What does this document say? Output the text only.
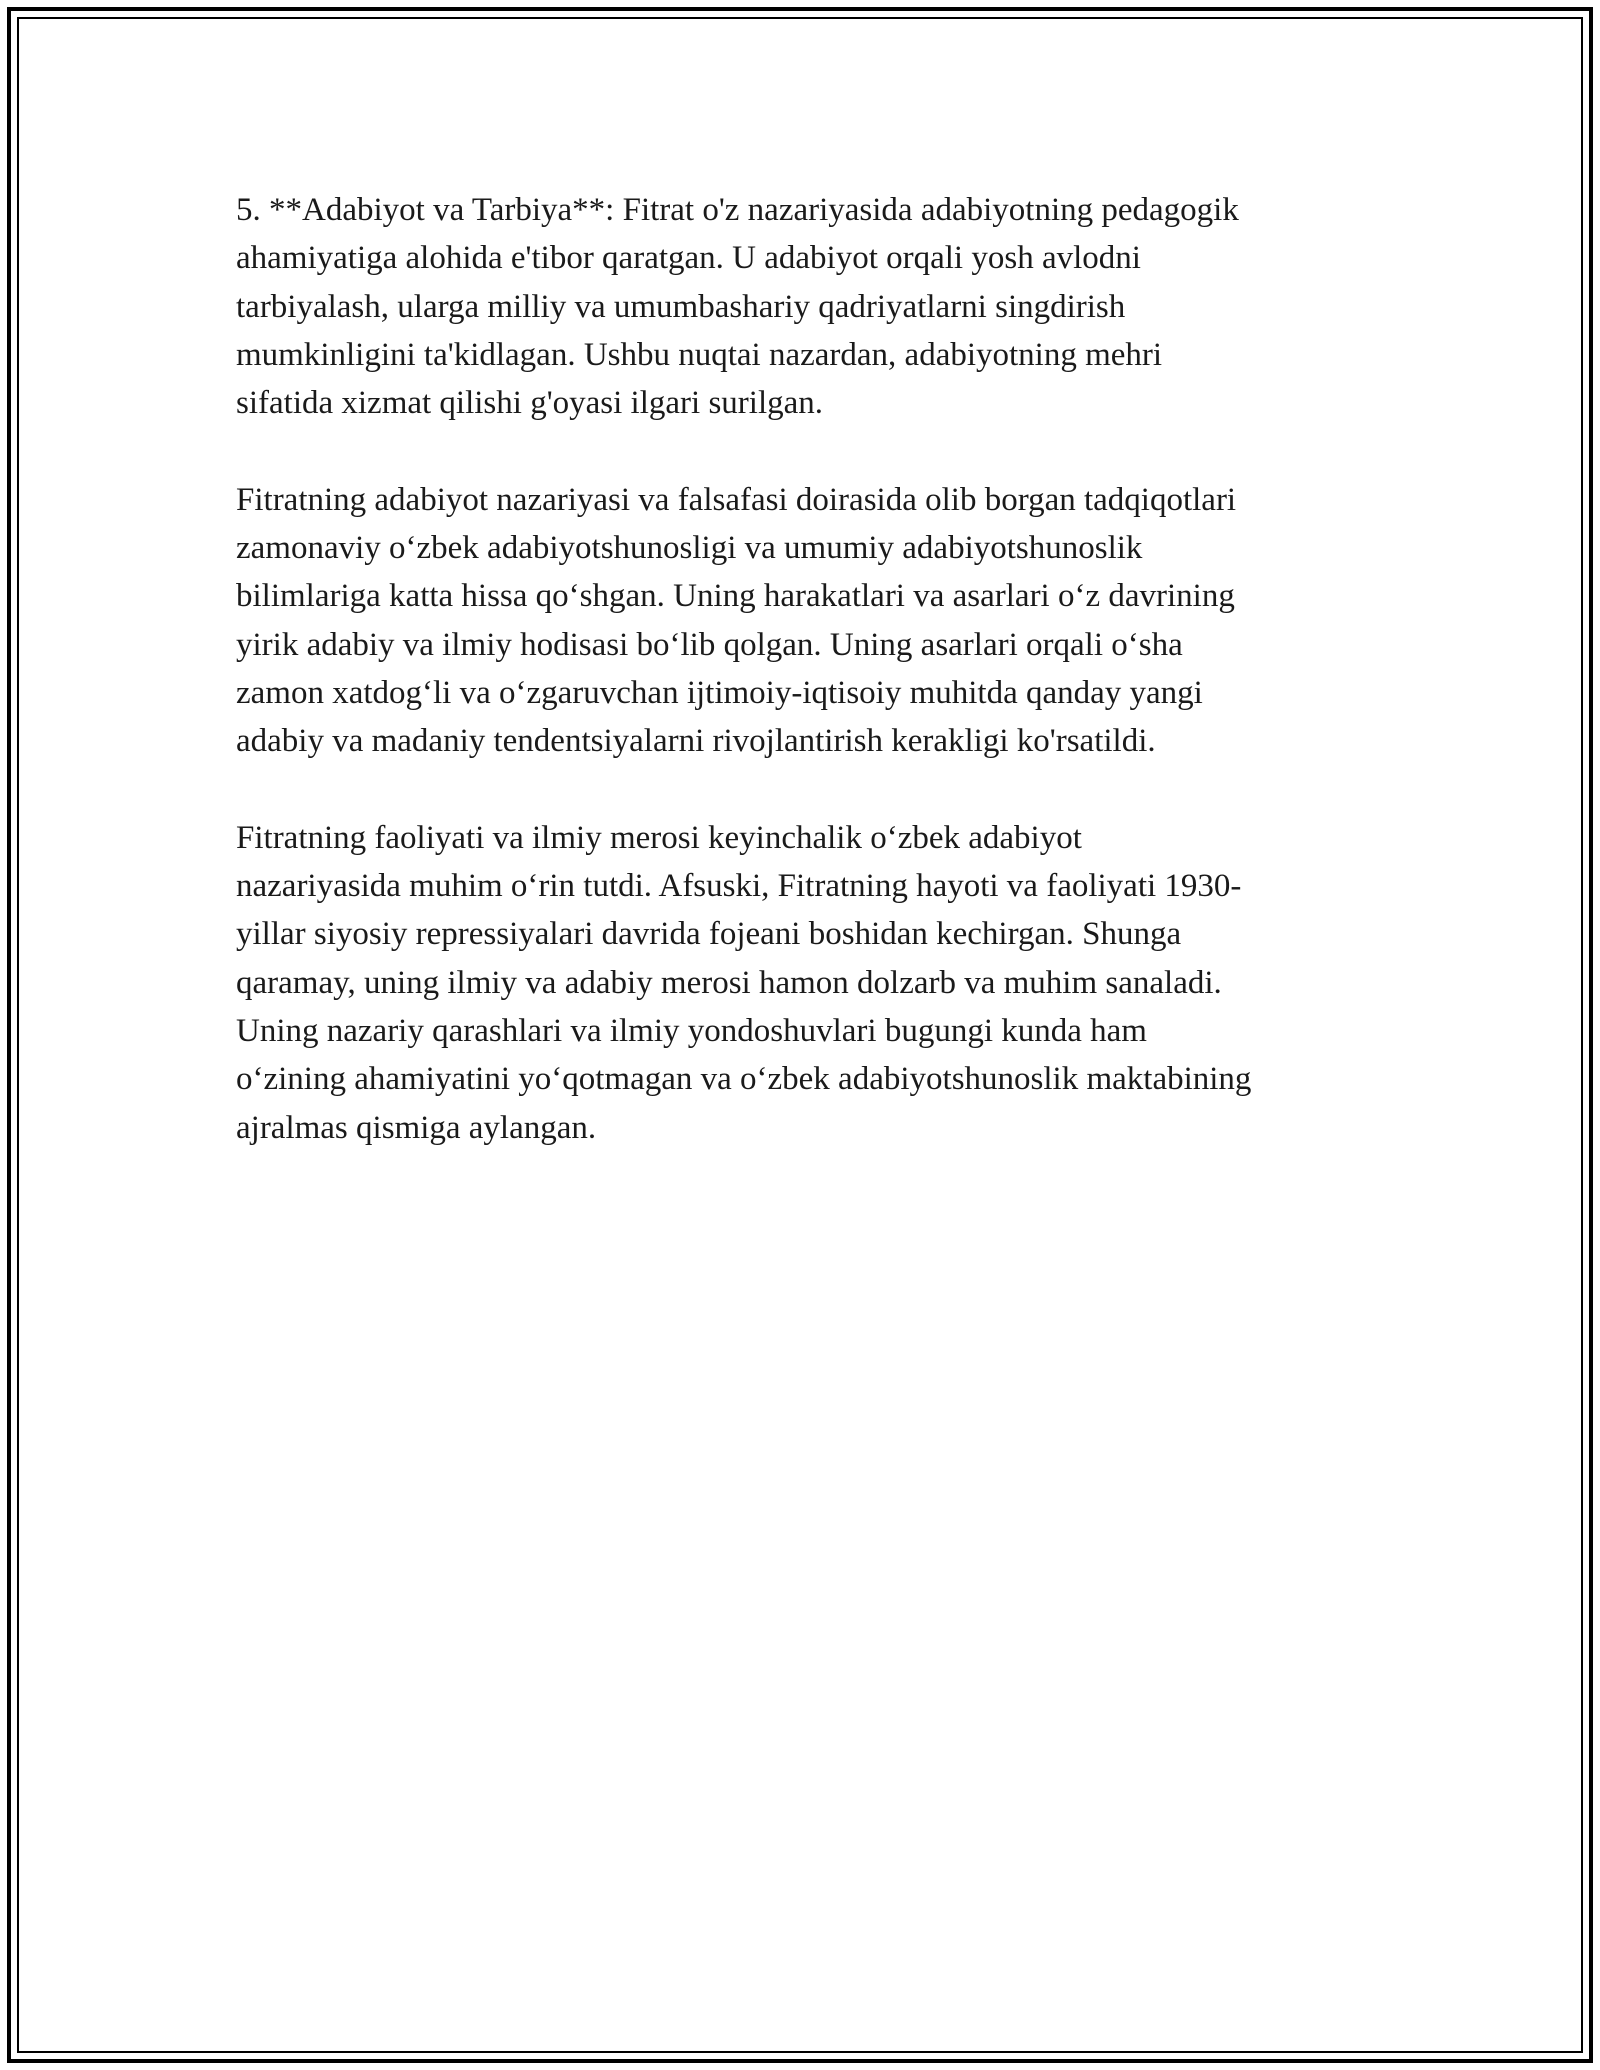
5. **Adabiyot va Tarbiya**: Fitrat o'z nazariyasida adabiyotning pedagogik
ahamiyatiga alohida e'tibor qaratgan. U adabiyot orqali yosh avlodni
tarbiyalash, ularga milliy va umumbashariy qadriyatlarni singdirish
mumkinligini ta'kidlagan. Ushbu nuqtai nazardan, adabiyotning mehri
sifatida xizmat qilishi g'oyasi ilgari surilgan.
Fitratning adabiyot nazariyasi va falsafasi doirasida olib borgan tadqiqotlari
zamonaviy o‘zbek adabiyotshunosligi va umumiy adabiyotshunoslik
bilimlariga katta hissa qo‘shgan. Uning harakatlari va asarlari o‘z davrining
yirik adabiy va ilmiy hodisasi bo‘lib qolgan. Uning asarlari orqali o‘sha
zamon xatdog‘li va o‘zgaruvchan ijtimoiy-iqtisoiy muhitda qanday yangi
adabiy va madaniy tendentsiyalarni rivojlantirish kerakligi ko'rsatildi.
Fitratning faoliyati va ilmiy merosi keyinchalik o‘zbek adabiyot
nazariyasida muhim o‘rin tutdi. Afsuski, Fitratning hayoti va faoliyati 1930-
yillar siyosiy repressiyalari davrida fojeani boshidan kechirgan. Shunga
qaramay, uning ilmiy va adabiy merosi hamon dolzarb va muhim sanaladi.
Uning nazariy qarashlari va ilmiy yondoshuvlari bugungi kunda ham
o‘zining ahamiyatini yo‘qotmagan va o‘zbek adabiyotshunoslik maktabining
ajralmas qismiga aylangan.
